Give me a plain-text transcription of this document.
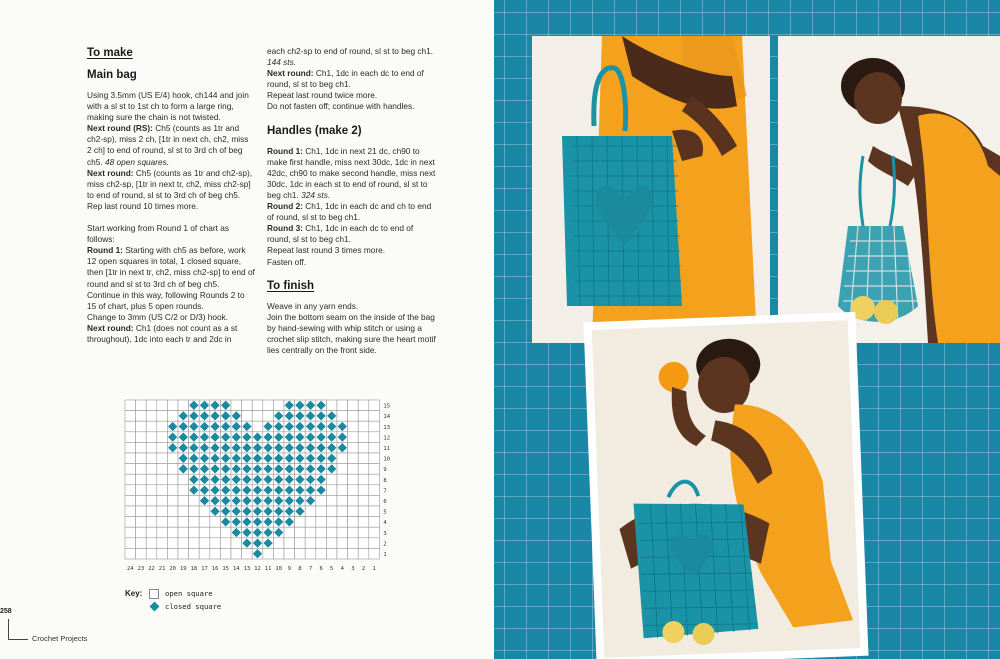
To make
Main bag

Using 3.5mm (US E/4) hook, ch144 and join with a sl st to 1st ch to form a large ring, making sure the chain is not twisted.

Next round (RS): Ch5 (counts as 1tr and ch2-sp), miss 2 ch, [1tr in next ch, ch2, miss 2 ch] to end of round, sl st to 3rd ch of beg ch5. 48 open squares.

Next round: Ch5 (counts as 1tr and ch2-sp), miss ch2-sp, [1tr in next tr, ch2, miss ch2-sp] to end of round, sl st to 3rd ch of beg ch5.

Rep last round 10 times more.

Start working from Round 1 of chart as follows:

Round 1: Starting with ch5 as before, work 12 open squares in total, 1 closed square, then [1tr in next tr, ch2, miss ch2-sp] to end of round and sl st to 3rd ch of beg ch5.

Continue in this way, following Rounds 2 to 15 of chart, plus 5 open rounds.

Change to 3mm (US C/2 or D/3) hook.

Next round: Ch1 (does not count as a st throughout), 1dc into each tr and 2dc in

each ch2-sp to end of round, sl st to beg ch1. 144 sts.

Next round: Ch1, 1dc in each dc to end of round, sl st to beg ch1.

Repeat last round twice more.

Do not fasten off; continue with handles.

Handles (make 2)

Round 1: Ch1, 1dc in next 21 dc, ch90 to make first handle, miss next 30dc, 1dc in next 42dc, ch90 to make second handle, miss next 30dc, 1dc in each st to end of round, sl st to beg ch1. 324 sts.

Round 2: Ch1, 1dc in each dc and ch to end of round, sl st to beg ch1.

Round 3: Ch1, 1dc in each dc to end of round, sl st to beg ch1.

Repeat last round 3 times more.

Fasten off.

To finish

Weave in any yarn ends.

Join the bottom seam on the inside of the bag by hand-sewing with whip stitch or using a crochet slip stitch, making sure the heart motif lies centrally on the front side.

15
14
13
12
11
10
9
8
7
6
5
4
3
2
1
24 23 22 21 20 19 18 17 16 15 14 13 12 11 10 9 8 7 6 5 4 3 2 1
Key:	open square
closed square
258
Crochet Projects
